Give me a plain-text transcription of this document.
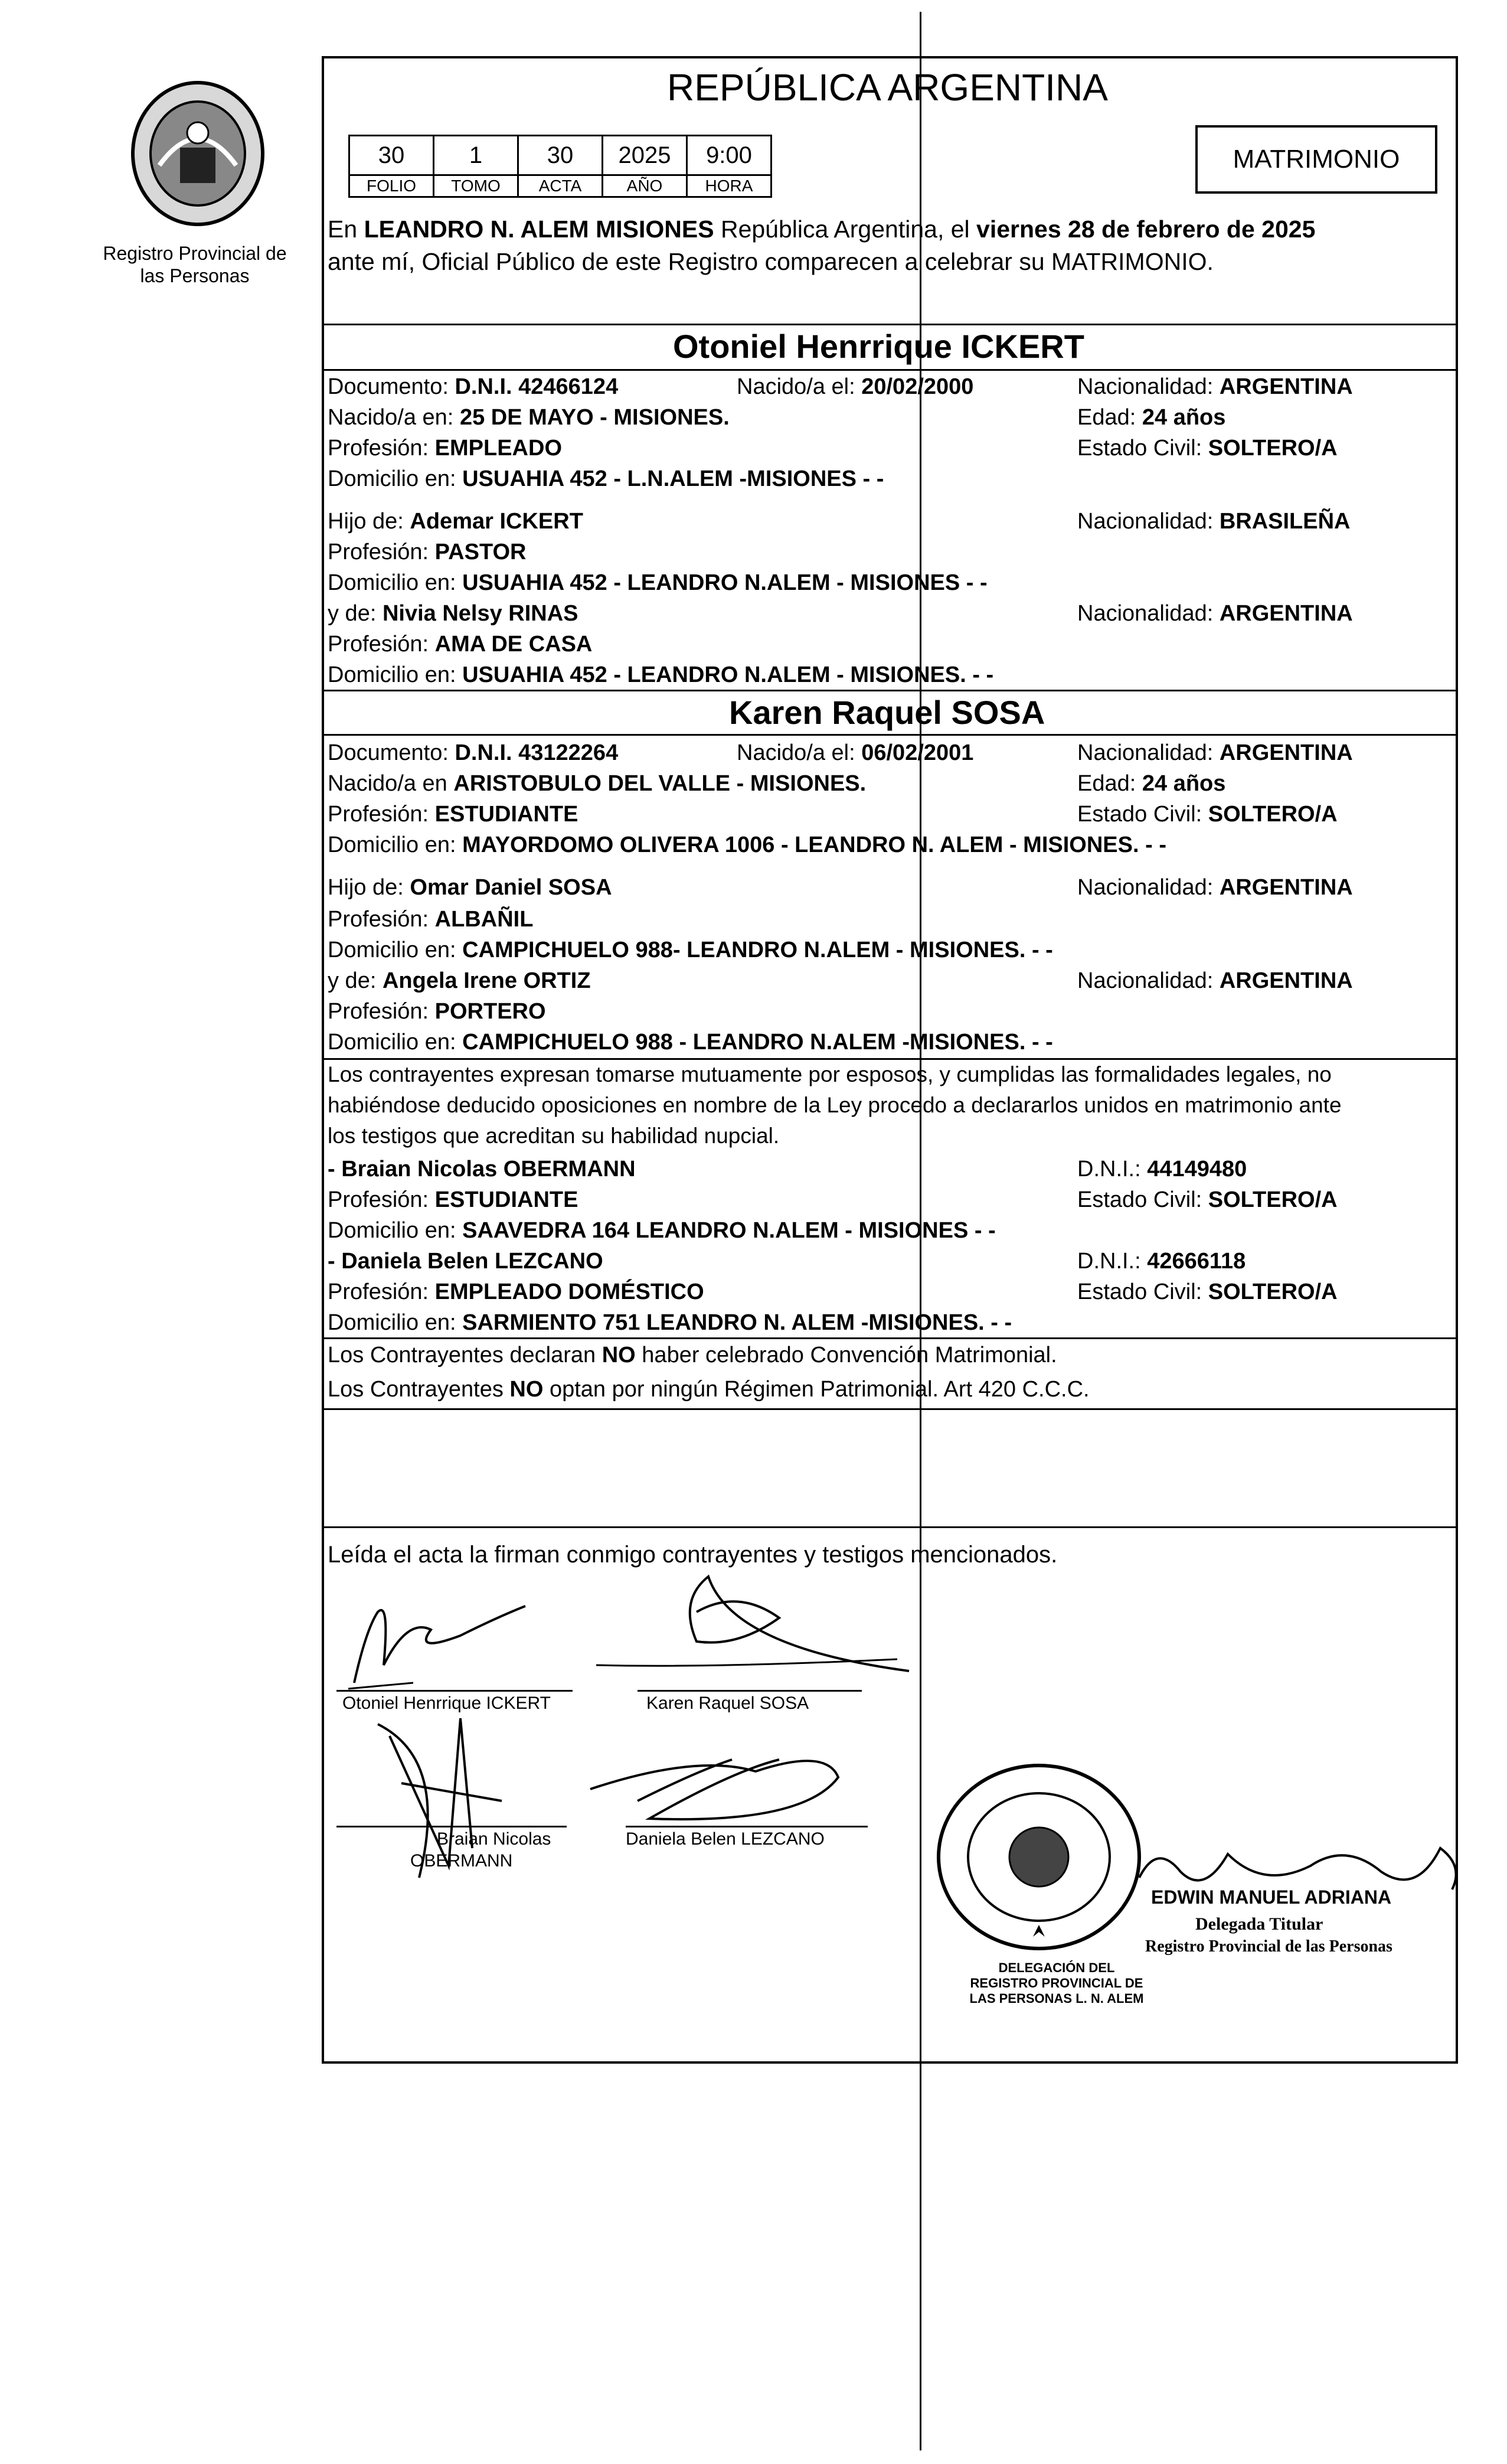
Registro Provincial de las Personas
REPÚBLICA ARGENTINA
30	1	30	2025	9:00
FOLIO	TOMO	ACTA	AÑO	HORA
MATRIMONIO
En LEANDRO N. ALEM MISIONES República Argentina, el viernes 28 de febrero de 2025
ante mí, Oficial Público de este Registro comparecen a celebrar su MATRIMONIO.
Otoniel Henrrique ICKERT
Documento: D.N.I. 42466124	Nacido/a el: 20/02/2000	Nacionalidad: ARGENTINA
Nacido/a en: 25 DE MAYO - MISIONES.	Edad: 24 años
Profesión: EMPLEADO	Estado Civil: SOLTERO/A
Domicilio en: USUAHIA 452 - L.N.ALEM -MISIONES - -
Hijo de: Ademar ICKERT	Nacionalidad: BRASILEÑA
Profesión: PASTOR
Domicilio en: USUAHIA 452 - LEANDRO N.ALEM - MISIONES - -
y de: Nivia Nelsy RINAS	Nacionalidad: ARGENTINA
Profesión: AMA DE CASA
Domicilio en: USUAHIA 452 - LEANDRO N.ALEM - MISIONES. - -
Karen Raquel SOSA
Documento: D.N.I. 43122264	Nacido/a el: 06/02/2001	Nacionalidad: ARGENTINA
Nacido/a en ARISTOBULO DEL VALLE - MISIONES.	Edad: 24 años
Profesión: ESTUDIANTE	Estado Civil: SOLTERO/A
Domicilio en: MAYORDOMO OLIVERA 1006 - LEANDRO N. ALEM - MISIONES. - -
Hijo de: Omar Daniel SOSA	Nacionalidad: ARGENTINA
Profesión: ALBAÑIL
Domicilio en: CAMPICHUELO 988- LEANDRO N.ALEM - MISIONES. - -
y de: Angela Irene ORTIZ	Nacionalidad: ARGENTINA
Profesión: PORTERO
Domicilio en: CAMPICHUELO 988 - LEANDRO N.ALEM -MISIONES. - -
Los contrayentes expresan tomarse mutuamente por esposos, y cumplidas las formalidades legales, no
habiéndose deducido oposiciones en nombre de la Ley procedo a declararlos unidos en matrimonio ante
los testigos que acreditan su habilidad nupcial.
- Braian Nicolas OBERMANN	D.N.I.: 44149480
Profesión: ESTUDIANTE	Estado Civil: SOLTERO/A
Domicilio en: SAAVEDRA 164 LEANDRO N.ALEM - MISIONES - -
- Daniela Belen LEZCANO	D.N.I.: 42666118
Profesión: EMPLEADO DOMÉSTICO	Estado Civil: SOLTERO/A
Domicilio en: SARMIENTO 751 LEANDRO N. ALEM -MISIONES. - -
Los Contrayentes declaran NO haber celebrado Convención Matrimonial.
Los Contrayentes NO optan por ningún Régimen Patrimonial. Art 420 C.C.C.
Leída el acta la firman conmigo contrayentes y testigos mencionados.
Otoniel Henrrique ICKERT	Karen Raquel SOSA
Braian Nicolas
OBERMANN
Daniela Belen LEZCANO
DELEGACIÓN DEL REGISTRO PROVINCIAL DE LAS PERSONAS L. N. ALEM
EDWIN MANUEL ADRIANA
Delegada Titular
Registro Provincial de las Personas
